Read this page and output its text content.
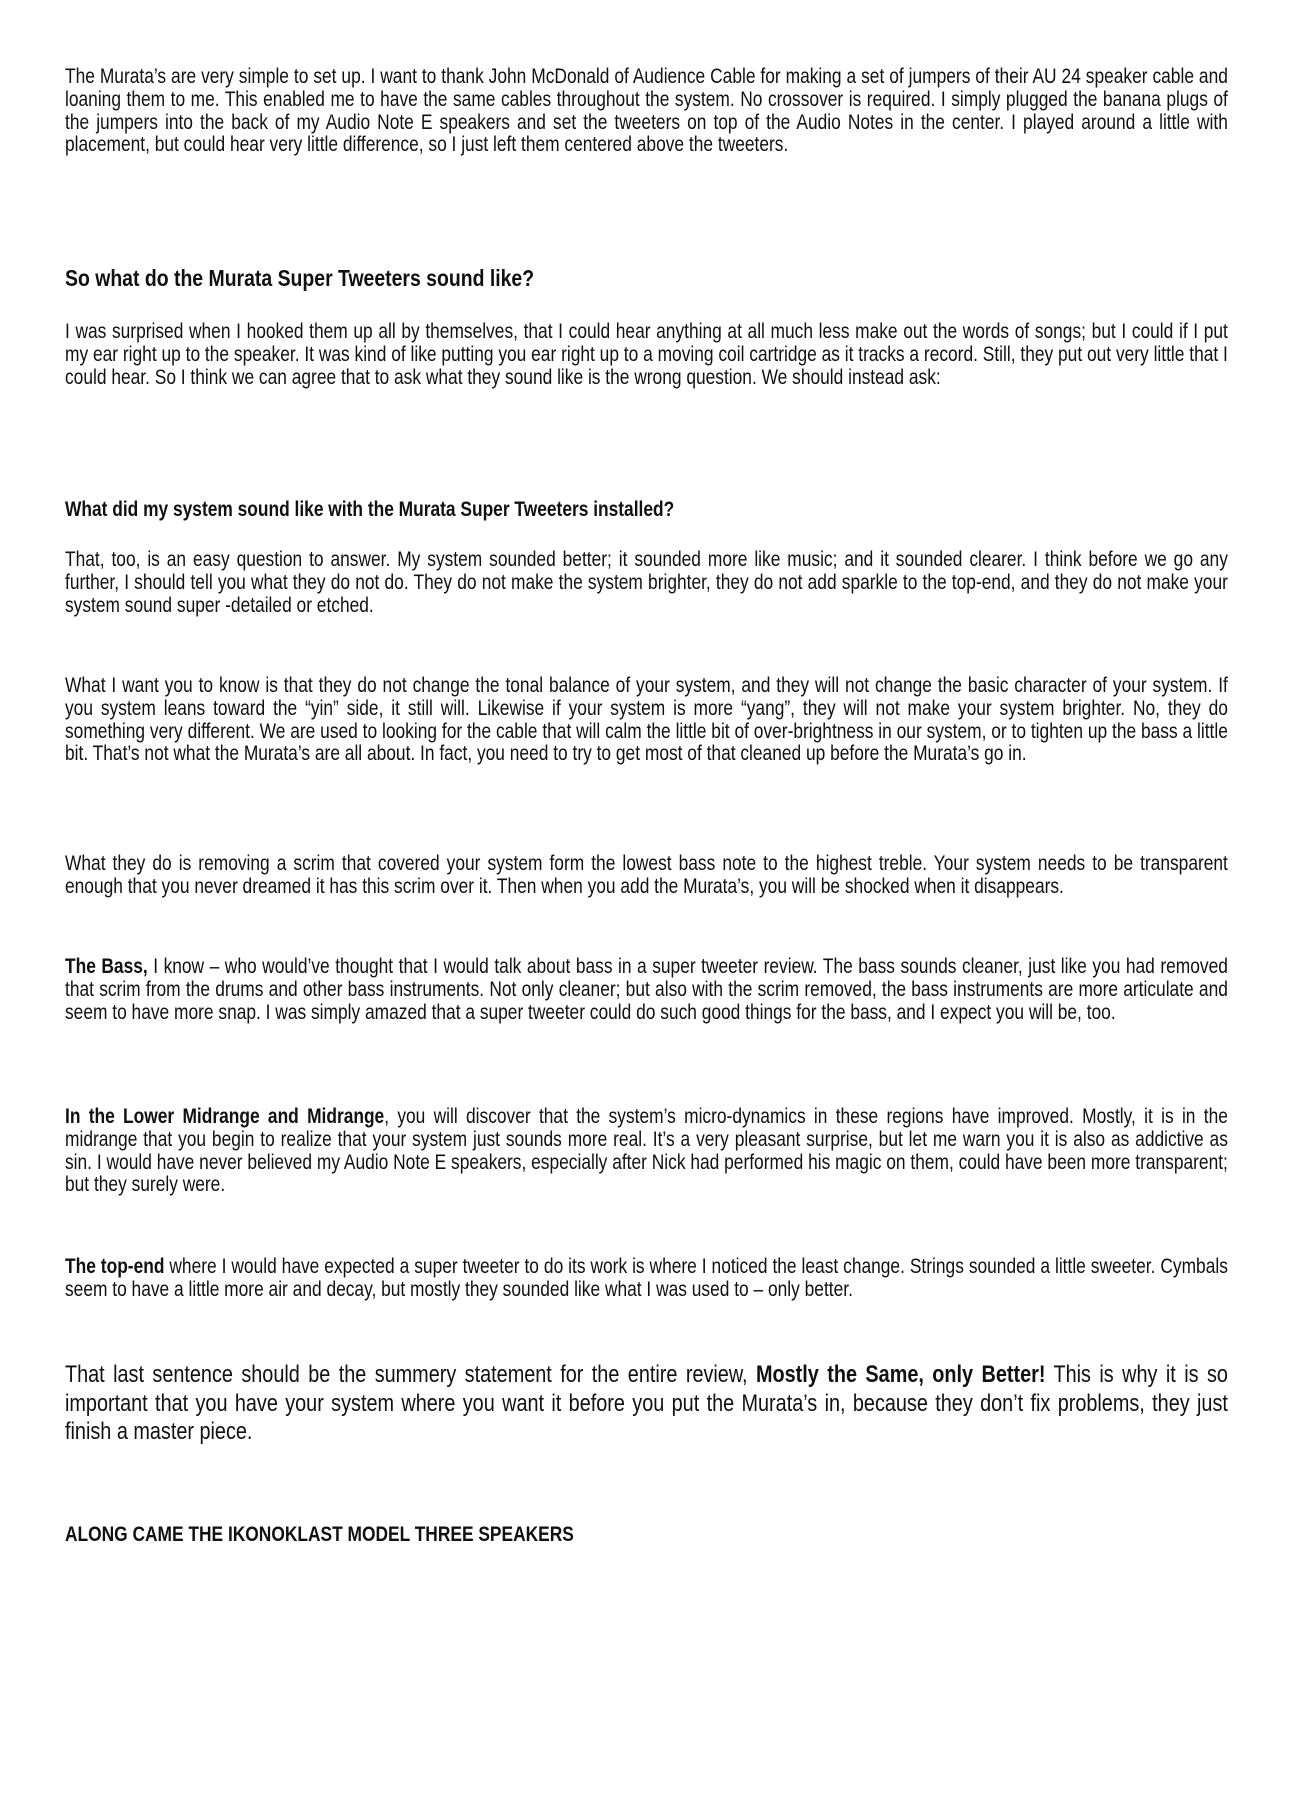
The Murata’s are very simple to set up. I want to thank John McDonald of Audience Cable for making a set of jumpers of their AU 24 speaker cable and loaning them to me. This enabled me to have the same cables throughout the system. No crossover is required. I simply plugged the banana plugs of the jumpers into the back of my Audio Note E speakers and set the tweeters on top of the Audio Notes in the center. I played around a little with placement, but could hear very little difference, so I just left them centered above the tweeters.

So what do the Murata Super Tweeters sound like?

I was surprised when I hooked them up all by themselves, that I could hear anything at all much less make out the words of songs; but I could if I put my ear right up to the speaker. It was kind of like putting you ear right up to a moving coil cartridge as it tracks a record. Still, they put out very little that I could hear. So I think we can agree that to ask what they sound like is the wrong question. We should instead ask:

What did my system sound like with the Murata Super Tweeters installed?

That, too, is an easy question to answer. My system sounded better; it sounded more like music; and it sounded clearer. I think before we go any further, I should tell you what they do not do. They do not make the system brighter, they do not add sparkle to the top-end, and they do not make your system sound super -detailed or etched.

What I want you to know is that they do not change the tonal balance of your system, and they will not change the basic character of your system. If you system leans toward the “yin” side, it still will. Likewise if your system is more “yang”, they will not make your system brighter. No, they do something very different. We are used to looking for the cable that will calm the little bit of over-brightness in our system, or to tighten up the bass a little bit. That’s not what the Murata’s are all about. In fact, you need to try to get most of that cleaned up before the Murata’s go in.

What they do is removing a scrim that covered your system form the lowest bass note to the highest treble. Your system needs to be transparent enough that you never dreamed it has this scrim over it. Then when you add the Murata’s, you will be shocked when it disappears.

The Bass, I know – who would’ve thought that I would talk about bass in a super tweeter review. The bass sounds cleaner, just like you had removed that scrim from the drums and other bass instruments. Not only cleaner; but also with the scrim removed, the bass instruments are more articulate and seem to have more snap. I was simply amazed that a super tweeter could do such good things for the bass, and I expect you will be, too.

In the Lower Midrange and Midrange, you will discover that the system’s micro-dynamics in these regions have improved. Mostly, it is in the midrange that you begin to realize that your system just sounds more real. It’s a very pleasant surprise, but let me warn you it is also as addictive as sin. I would have never believed my Audio Note E speakers, especially after Nick had performed his magic on them, could have been more transparent; but they surely were.

The top-end where I would have expected a super tweeter to do its work is where I noticed the least change. Strings sounded a little sweeter. Cymbals seem to have a little more air and decay, but mostly they sounded like what I was used to – only better.

That last sentence should be the summery statement for the entire review, Mostly the Same, only Better! This is why it is so important that you have your system where you want it before you put the Murata’s in, because they don’t fix problems, they just finish a master piece.

ALONG CAME THE IKONOKLAST MODEL THREE SPEAKERS
